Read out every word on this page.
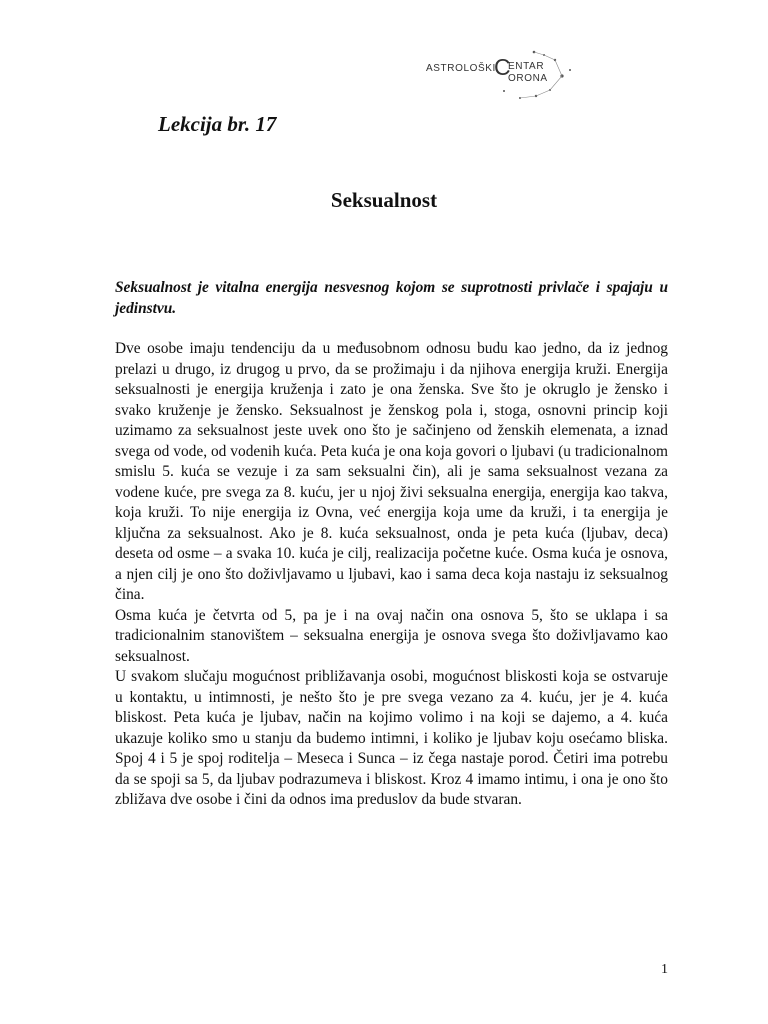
ASTROLOŠKI
C
ENTAR
ORONA
Lekcija br. 17
Seksualnost

Seksualnost je vitalna energija nesvesnog kojom se suprotnosti privlače i spajaju u jedinstvu.

Dve osobe imaju tendenciju da u međusobnom odnosu budu kao jedno, da iz jednog prelazi u drugo, iz drugog u prvo, da se prožimaju i da njihova energija kruži. Energija seksualnosti je energija kruženja i zato je ona ženska. Sve što je okruglo je žensko i svako kruženje je žensko. Seksualnost je ženskog pola i, stoga, osnovni princip koji uzimamo za seksualnost jeste uvek ono što je sačinjeno od ženskih elemenata, a iznad svega od vode, od vodenih kuća. Peta kuća je ona koja govori o ljubavi (u tradicionalnom smislu 5. kuća se vezuje i za sam seksualni čin), ali je sama seksualnost vezana za vodene kuće, pre svega za 8. kuću, jer u njoj živi seksualna energija, energija kao takva, koja kruži. To nije energija iz Ovna, već energija koja ume da kruži, i ta energija je ključna za seksualnost. Ako je 8. kuća seksualnost, onda je peta kuća (ljubav, deca) deseta od osme – a svaka 10. kuća je cilj, realizacija početne kuće. Osma kuća je osnova, a njen cilj je ono što doživljavamo u ljubavi, kao i sama deca koja nastaju iz seksualnog čina.

Osma kuća je četvrta od 5, pa je i na ovaj način ona osnova 5, što se uklapa i sa tradicionalnim stanovištem – seksualna energija je osnova svega što doživljavamo kao seksualnost.

U svakom slučaju mogućnost približavanja osobi, mogućnost bliskosti koja se ostvaruje u kontaktu, u intimnosti, je nešto što je pre svega vezano za 4. kuću, jer je 4. kuća bliskost. Peta kuća je ljubav, način na kojimo volimo i na koji se dajemo, a 4. kuća ukazuje koliko smo u stanju da budemo intimni, i koliko je ljubav koju osećamo bliska. Spoj 4 i 5 je spoj roditelja – Meseca i Sunca – iz čega nastaje porod. Četiri ima potrebu da se spoji sa 5, da ljubav podrazumeva i bliskost. Kroz 4 imamo intimu, i ona je ono što zbližava dve osobe i čini da odnos ima preduslov da bude stvaran.

1
